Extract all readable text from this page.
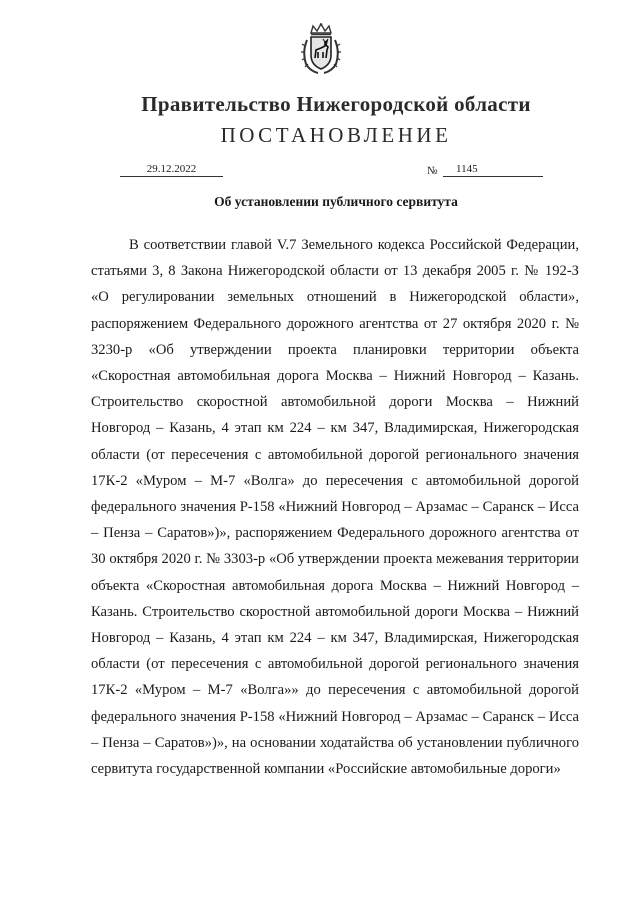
Правительство Нижегородской области
ПОСТАНОВЛЕНИЕ
29.12.2022	№	1145
Об установлении публичного сервитута

В соответствии главой V.7 Земельного кодекса Российской Федерации, статьями 3, 8 Закона Нижегородской области от 13 декабря 2005 г. № 192-З «О регулировании земельных отношений в Нижегородской области», распоряжением Федерального дорожного агентства от 27 октября 2020 г. № 3230-р «Об утверждении проекта планировки территории объекта «Скоростная автомобильная дорога Москва – Нижний Новгород – Казань. Строительство скоростной автомобильной дороги Москва – Нижний Новгород – Казань, 4 этап км 224 – км 347, Владимирская, Нижегородская области (от пересечения с автомобильной дорогой регионального значения 17К-2 «Муром – М-7 «Волга» до пересечения с автомобильной дорогой федерального значения Р-158 «Нижний Новгород – Арзамас – Саранск – Исса – Пенза – Саратов»)», распоряжением Федерального дорожного агентства от 30 октября 2020 г. № 3303-р «Об утверждении проекта межевания территории объекта «Скоростная автомобильная дорога Москва – Нижний Новгород – Казань. Строительство скоростной автомобильной дороги Москва – Нижний Новгород – Казань, 4 этап км 224 – км 347, Владимирская, Нижегородская области (от пересечения с автомобильной дорогой регионального значения 17К-2 «Муром – М-7 «Волга»» до пересечения с автомобильной дорогой федерального значения Р-158 «Нижний Новгород – Арзамас – Саранск – Исса – Пенза – Саратов»)», на основании ходатайства об установлении публичного сервитута государственной компании «Российские автомобильные дороги»
